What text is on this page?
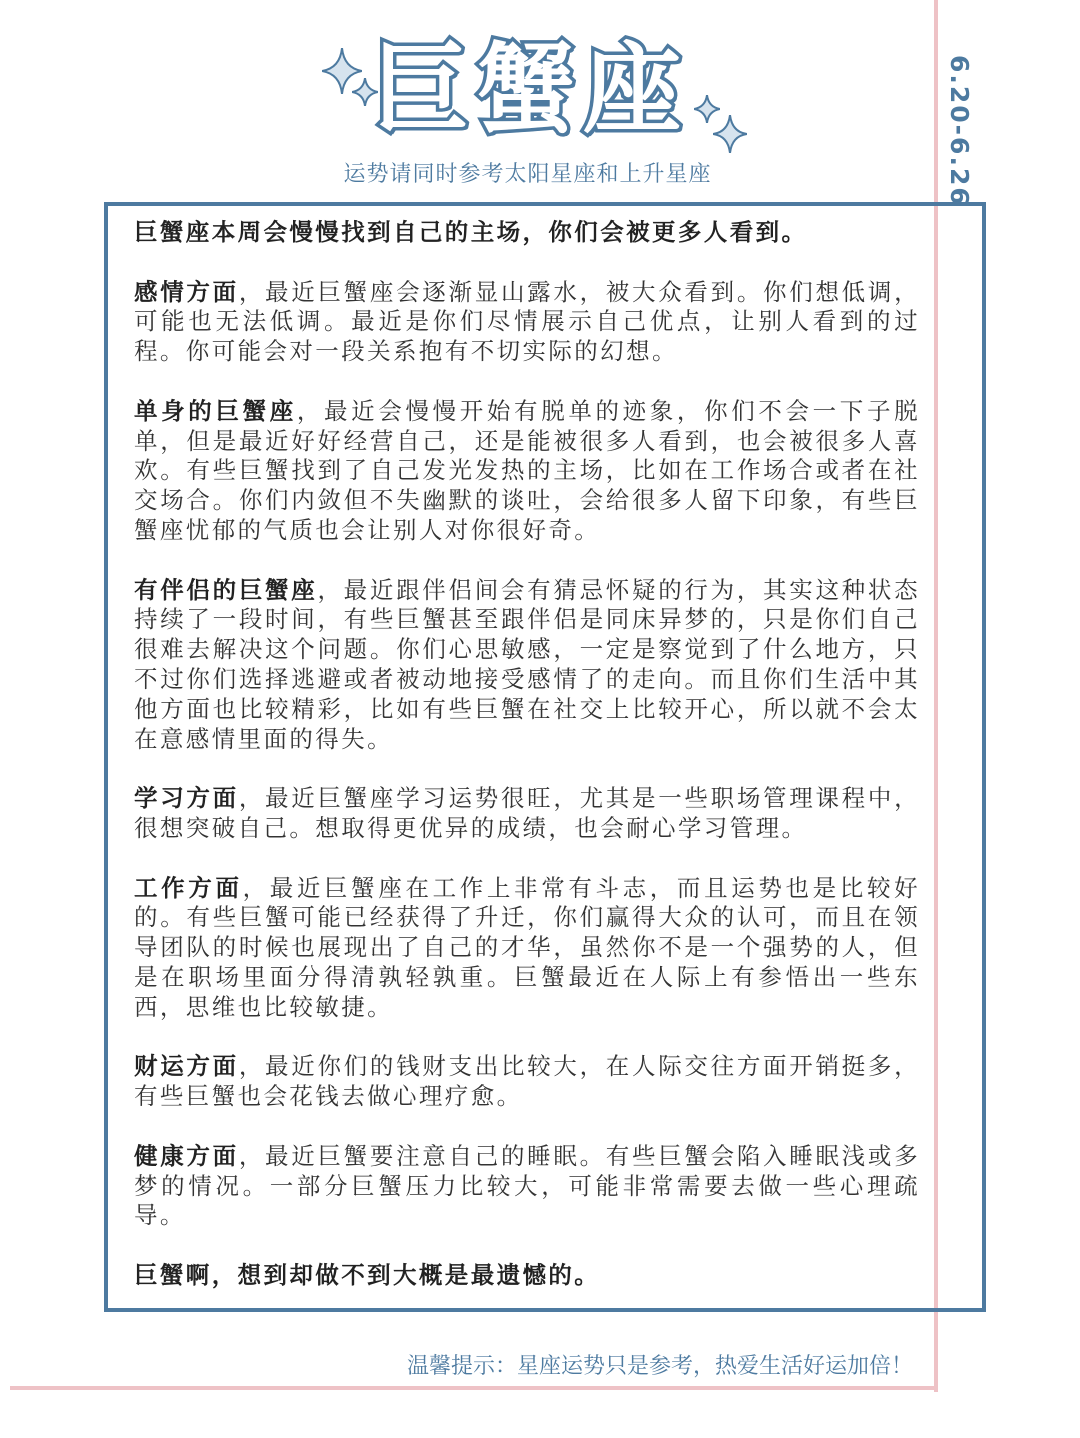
巨蟹座
运势请同时参考太阳星座和上升星座	6.20-6.26

巨蟹座本周会慢慢找到自己的主场，你们会被更多人看到。

感情方面，最近巨蟹座会逐渐显山露水，被大众看到。你们想低调，可能也无法低调。最近是你们尽情展示自己优点，让别人看到的过程。你可能会对一段关系抱有不切实际的幻想。

单身的巨蟹座，最近会慢慢开始有脱单的迹象，你们不会一下子脱单，但是最近好好经营自己，还是能被很多人看到，也会被很多人喜欢。有些巨蟹找到了自己发光发热的主场，比如在工作场合或者在社交场合。你们内敛但不失幽默的谈吐，会给很多人留下印象，有些巨蟹座忧郁的气质也会让别人对你很好奇。

有伴侣的巨蟹座，最近跟伴侣间会有猜忌怀疑的行为，其实这种状态持续了一段时间，有些巨蟹甚至跟伴侣是同床异梦的，只是你们自己很难去解决这个问题。你们心思敏感，一定是察觉到了什么地方，只不过你们选择逃避或者被动地接受感情了的走向。而且你们生活中其他方面也比较精彩，比如有些巨蟹在社交上比较开心，所以就不会太在意感情里面的得失。

学习方面，最近巨蟹座学习运势很旺，尤其是一些职场管理课程中，很想突破自己。想取得更优异的成绩，也会耐心学习管理。

工作方面，最近巨蟹座在工作上非常有斗志，而且运势也是比较好的。有些巨蟹可能已经获得了升迁，你们赢得大众的认可，而且在领导团队的时候也展现出了自己的才华，虽然你不是一个强势的人，但是在职场里面分得清孰轻孰重。巨蟹最近在人际上有参悟出一些东西，思维也比较敏捷。

财运方面，最近你们的钱财支出比较大，在人际交往方面开销挺多，有些巨蟹也会花钱去做心理疗愈。

健康方面，最近巨蟹要注意自己的睡眠。有些巨蟹会陷入睡眠浅或多梦的情况。一部分巨蟹压力比较大，可能非常需要去做一些心理疏导。

巨蟹啊，想到却做不到大概是最遗憾的。

温馨提示：星座运势只是参考，热爱生活好运加倍！
